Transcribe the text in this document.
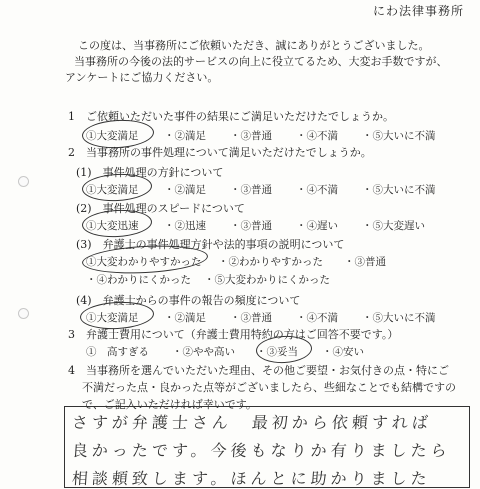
にわ法律事務所
この度は、当事務所にご依頼いただき、誠にありがとうございました。
当事務所の今後の法的サービスの向上に役立てるため、大変お手数ですが、
アンケートにご協力ください。
1　ご依頼いただいた事件の結果にご満足いただけたでしょうか。
①大変満足 ・②満足 ・③普通 ・④不満 ・⑤大いに不満
2　当事務所の事件処理について満足いただけたでしょうか。
(1)　事件処理の方針について
①大変満足 ・②満足 ・③普通 ・④不満 ・⑤大いに不満
(2)　事件処理のスピードについて
①大変迅速 ・②迅速 ・③普通 ・④遅い ・⑤大変遅い
(3)　弁護士の事件処理方針や法的事項の説明について
①大変わかりやすかった ・②わかりやすかった ・③普通
・④わかりにくかった ・⑤大変わかりにくかった
(4)　弁護士からの事件の報告の頻度について
①大変満足 ・②満足 ・③普通 ・④不満 ・⑤大いに不満
3　弁護士費用について（弁護士費用特約の方はご回答不要です。）
①　高すぎる ・②やや高い ・③妥当 ・④安い
4　当事務所を選んでいただいた理由、その他ご要望・お気付きの点・特にご
不満だった点・良かった点等がございましたら、些細なことでも結構ですの
で、ご記入いただければ幸いです。
さすが弁護士さん　最初から依頼すれば
良かったです。今後もなりか有りましたら
相談頼致します。ほんとに助かりました
